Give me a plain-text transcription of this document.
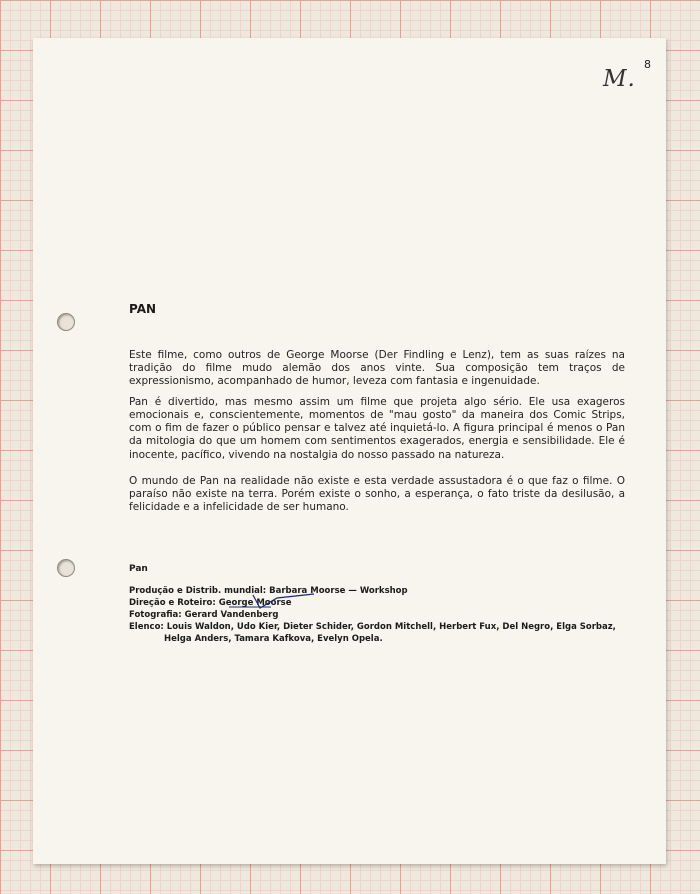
8
M.
PAN

Este filme, como outros de George Moorse (Der Findling e Lenz), tem as suas raízes na tradição do filme mudo alemão dos anos vinte. Sua composição tem traços de expressionismo, acompanhado de humor, leveza com fantasia e ingenuidade.

Pan é divertido, mas mesmo assim um filme que projeta algo sério. Ele usa exageros emocionais e, conscientemente, momentos de "mau gosto" da maneira dos Comic Strips, com o fim de fazer o público pensar e talvez até inquietá-lo. A figura principal é menos o Pan da mitologia do que um homem com sentimentos exagerados, energia e sensibilidade. Ele é inocente, pacífico, vivendo na nostalgia do nosso passado na natureza.

O mundo de Pan na realidade não existe e esta verdade assustadora é o que faz o filme. O paraíso não existe na terra. Porém existe o sonho, a esperança, o fato triste da desilusão, a felicidade e a infelicidade de ser humano.

Pan
Produção e Distrib. mundial: Barbara Moorse — Workshop
Direção e Roteiro: George Moorse
Fotografia: Gerard Vandenberg
Elenco: Louis Waldon, Udo Kier, Dieter Schider, Gordon Mitchell, Herbert Fux, Del Negro, Elga Sorbaz, Helga Anders, Tamara Kafkova, Evelyn Opela.
